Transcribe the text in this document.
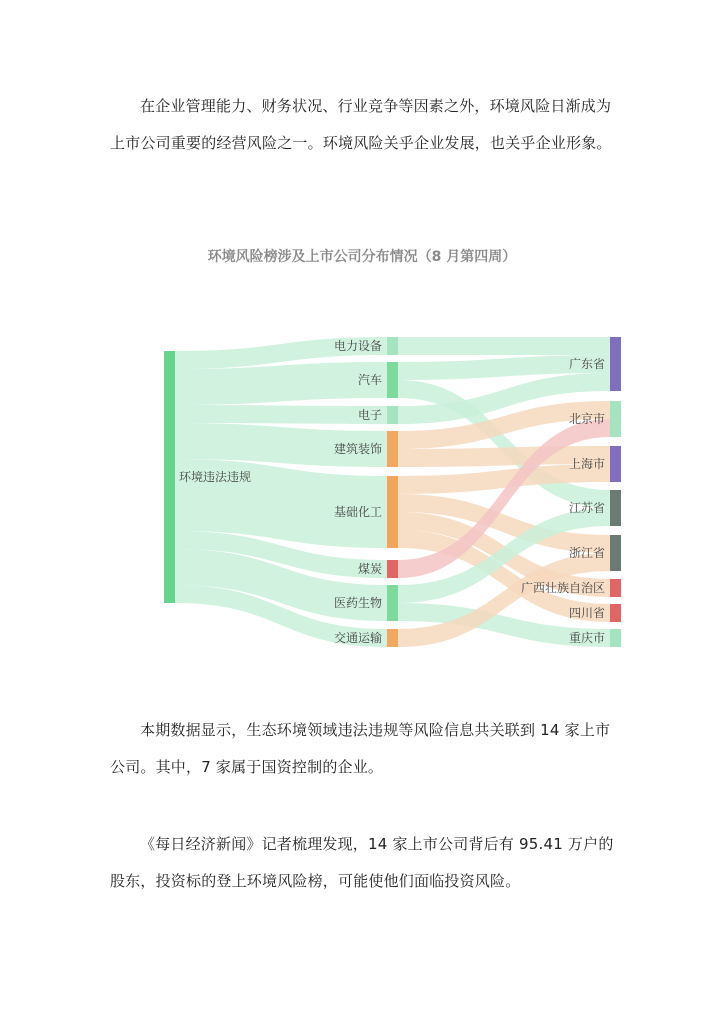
在企业管理能力、财务状况、行业竞争等因素之外，环境风险日渐成为上市公司重要的经营风险之一。环境风险关乎企业发展，也关乎企业形象。

环境风险榜涉及上市公司分布情况（8 月第四周）
环境违法违规
电力设备
汽车
电子
建筑装饰
基础化工
煤炭
医药生物
交通运输
广东省
北京市
上海市
江苏省
浙江省
广西壮族自治区
四川省
重庆市

本期数据显示，生态环境领域违法违规等风险信息共关联到 14 家上市公司。其中，7 家属于国资控制的企业。

《每日经济新闻》记者梳理发现，14 家上市公司背后有 95.41 万户的股东，投资标的登上环境风险榜，可能使他们面临投资风险。
